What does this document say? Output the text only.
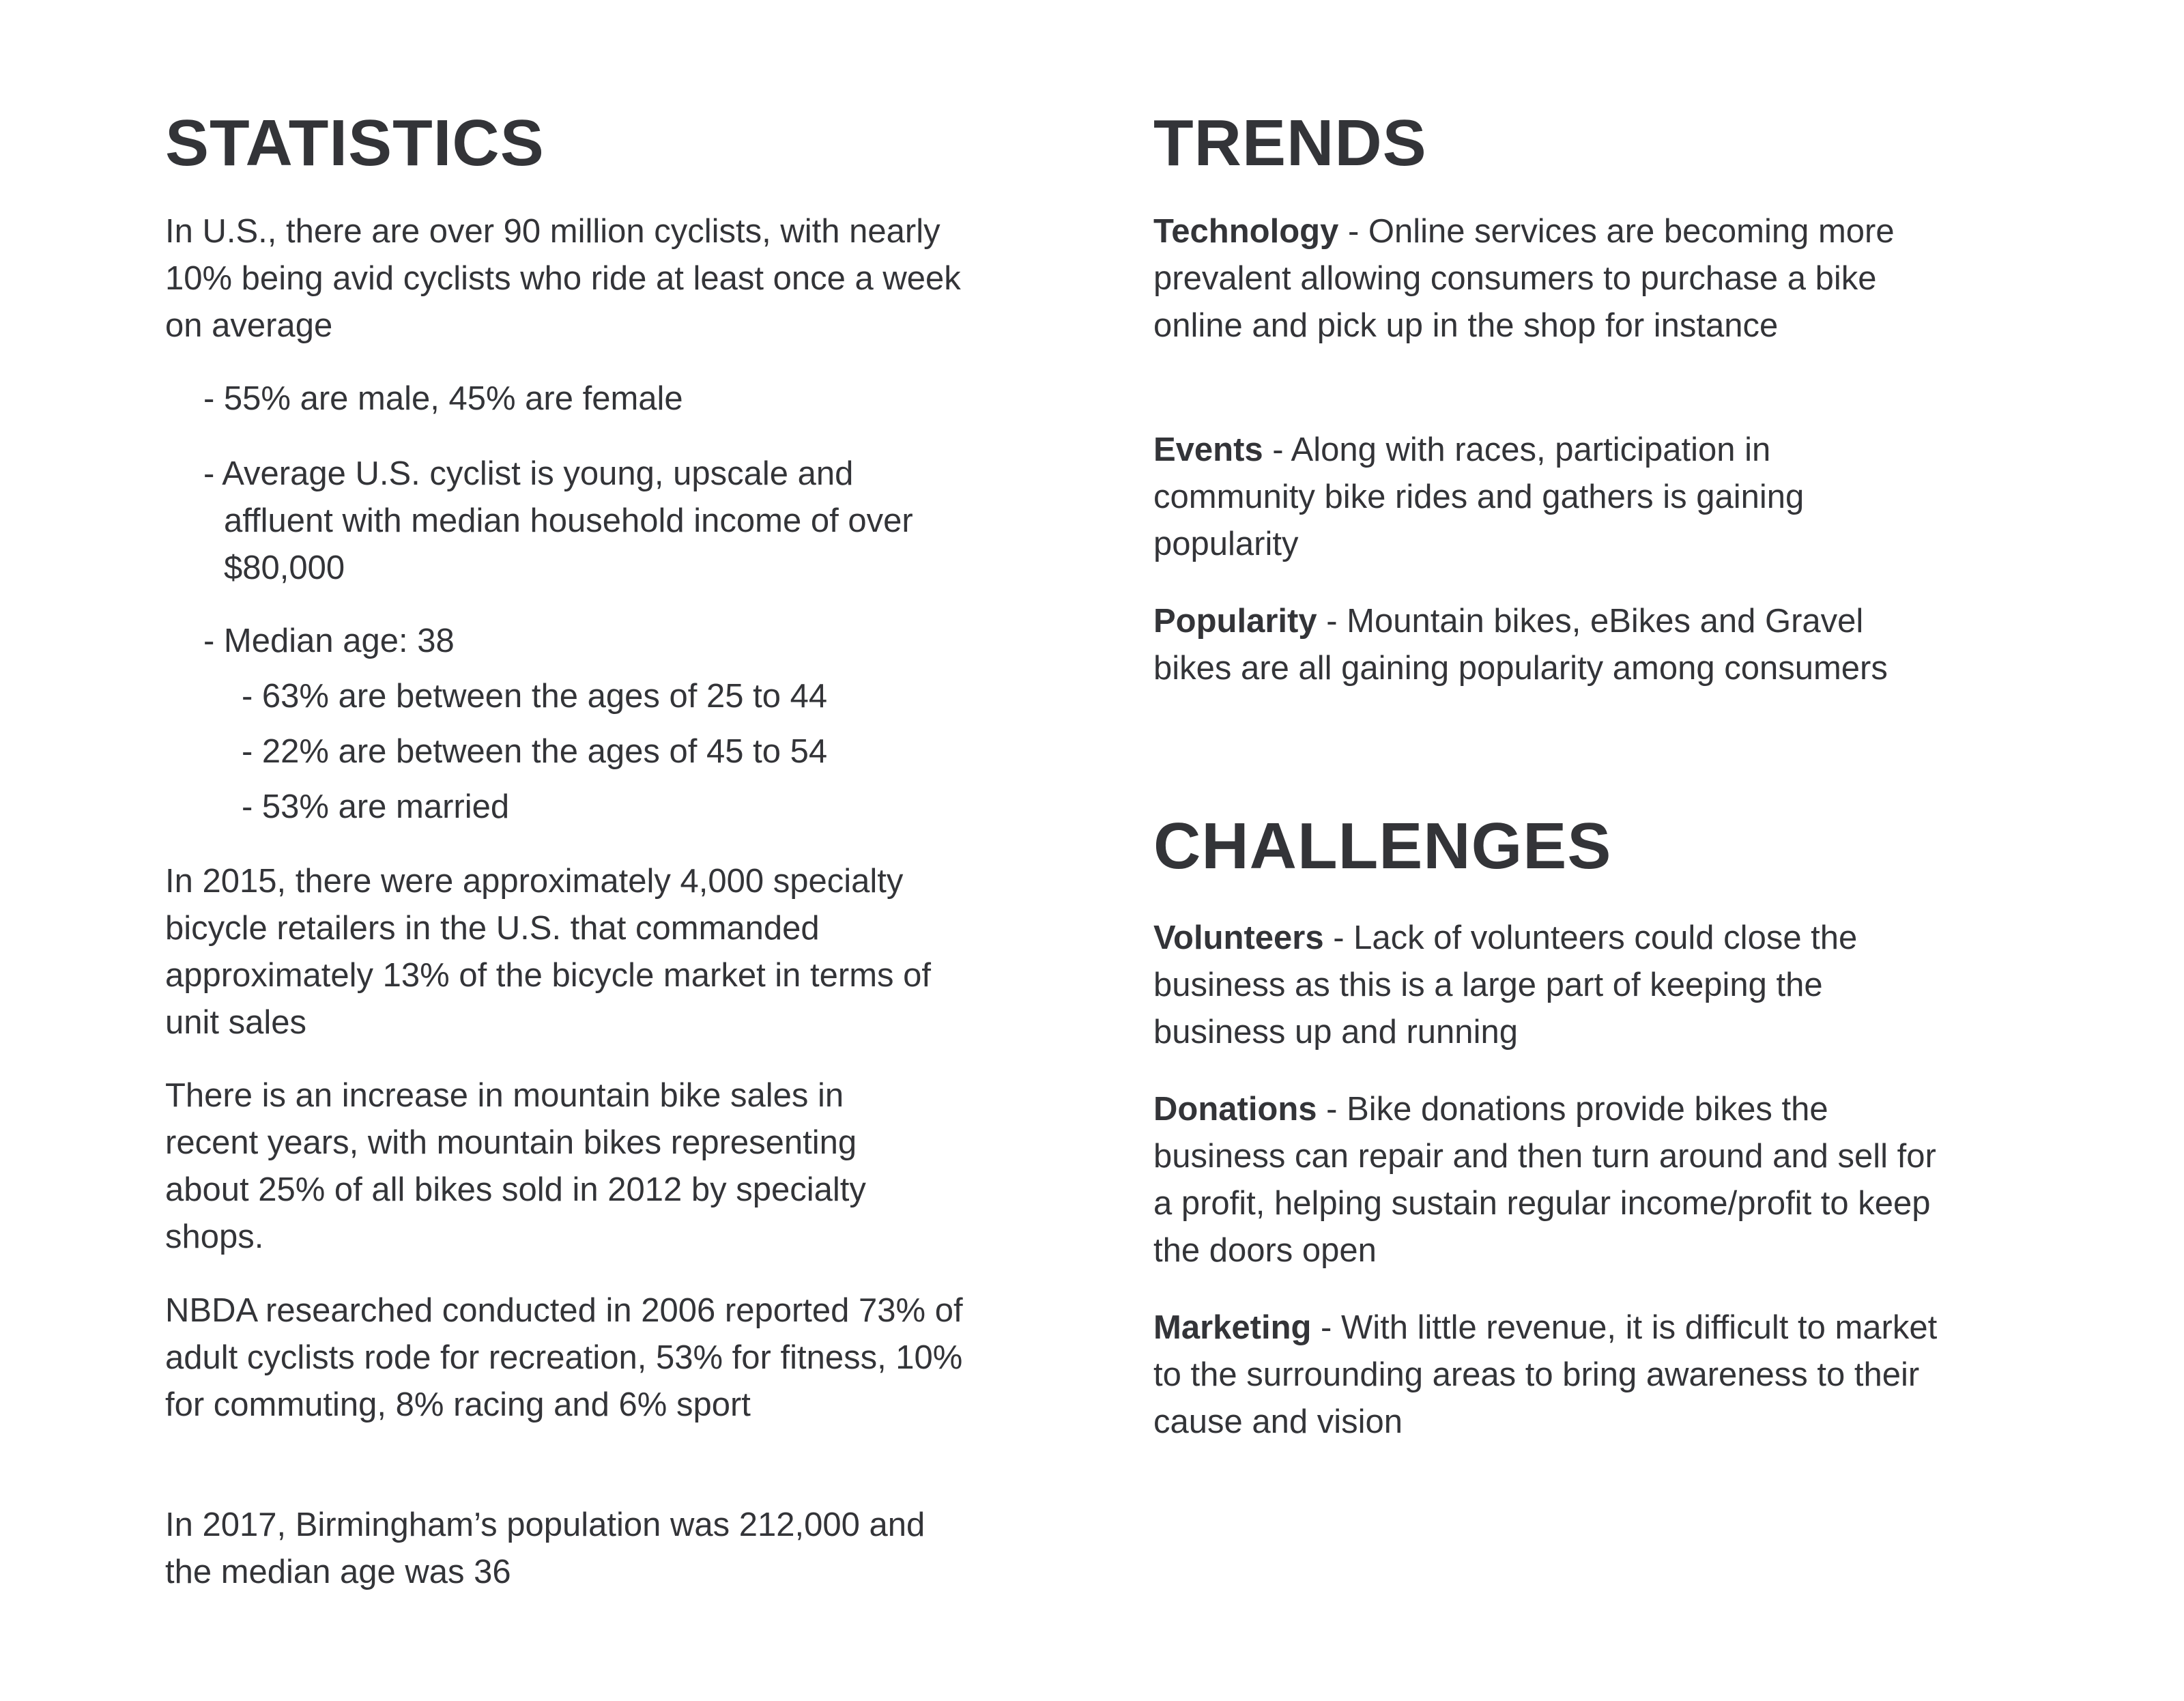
STATISTICS

In U.S., there are over 90 million cyclists, with nearly 10% being avid cyclists who ride at least once a week on average

- 55% are male, 45% are female
- Average U.S. cyclist is young, upscale and affluent with median household income of over $80,000
- Median age: 38
- 63% are between the ages of 25 to 44
- 22% are between the ages of 45 to 54
- 53% are married

In 2015, there were approximately 4,000 specialty bicycle retailers in the U.S. that commanded approximately 13% of the bicycle market in terms of unit sales

There is an increase in mountain bike sales in recent years, with mountain bikes representing about 25% of all bikes sold in 2012 by specialty shops.

NBDA researched conducted in 2006 reported 73% of adult cyclists rode for recreation, 53% for fitness, 10% for commuting, 8% racing and 6% sport

In 2017, Birmingham’s population was 212,000 and the median age was 36

TRENDS

Technology - Online services are becoming more prevalent allowing consumers to purchase a bike online and pick up in the shop for instance

Events - Along with races, participation in community bike rides and gathers is gaining popularity

Popularity - Mountain bikes, eBikes and Gravel bikes are all gaining popularity among consumers

CHALLENGES

Volunteers - Lack of volunteers could close the business as this is a large part of keeping the business up and running

Donations - Bike donations provide bikes the business can repair and then turn around and sell for a profit, helping sustain regular income/profit to keep the doors open

Marketing - With little revenue, it is difficult to market to the surrounding areas to bring awareness to their cause and vision
